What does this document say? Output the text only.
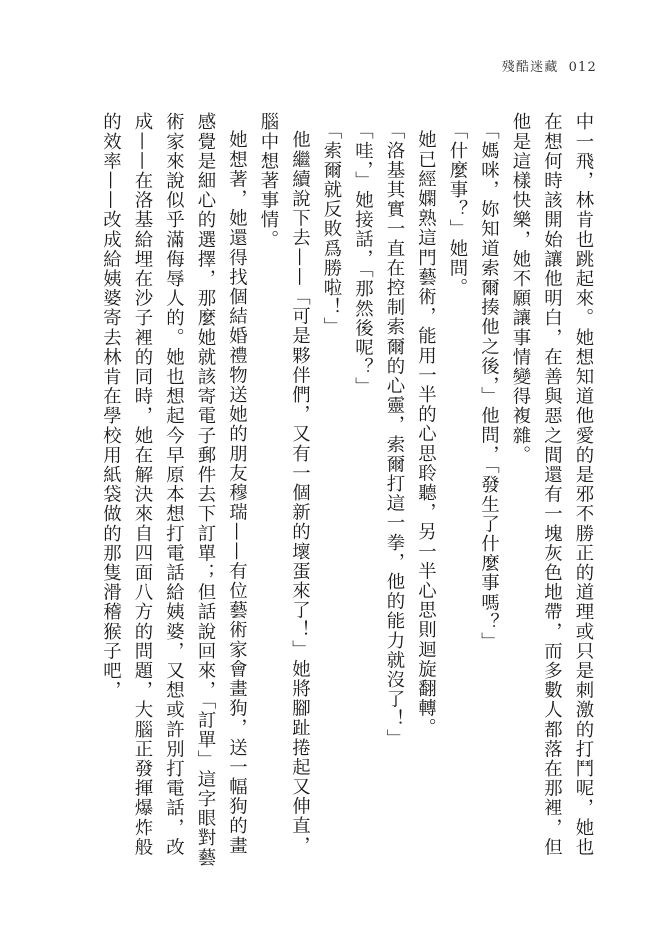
殘酷迷藏 012

中一飛，林肯也跳起來。她想知道他愛的是邪不勝正的道理或只是刺激的打鬥呢，她也在想何時該開始讓他明白，在善與惡之間還有一塊灰色地帶，而多數人都落在那裡，但他是這樣快樂，她不願讓事情變得複雜。

「媽咪，妳知道索爾揍他之後，」他問，「發生了什麼事嗎？」

「什麼事？」她問。

她已經嫻熟這門藝術，能用一半的心思聆聽，另一半心思則迴旋翻轉。

「洛基其實一直在控制索爾的心靈，索爾打這一拳，他的能力就沒了！」

「哇，」她接話，「那然後呢？」

「索爾就反敗爲勝啦！」

他繼續說下去——「可是夥伴們，又有一個新的壞蛋來了！」她將腳趾捲起又伸直，腦中想著事情。

她想著，她還得找個結婚禮物送她的朋友穆瑞——有位藝術家會畫狗，送一幅狗的畫感覺是細心的選擇，那麼她就該寄電子郵件去下訂單；但話說回來，「訂單」這字眼對藝術家來說似乎滿侮辱人的。她也想起今早原本想打電話給姨婆，又想或許別打電話，改成——在洛基給埋在沙子裡的同時，她在解決來自四面八方的問題，大腦正發揮爆炸般的效率——改成給姨婆寄去林肯在學校用紙袋做的那隻滑稽猴子吧，
